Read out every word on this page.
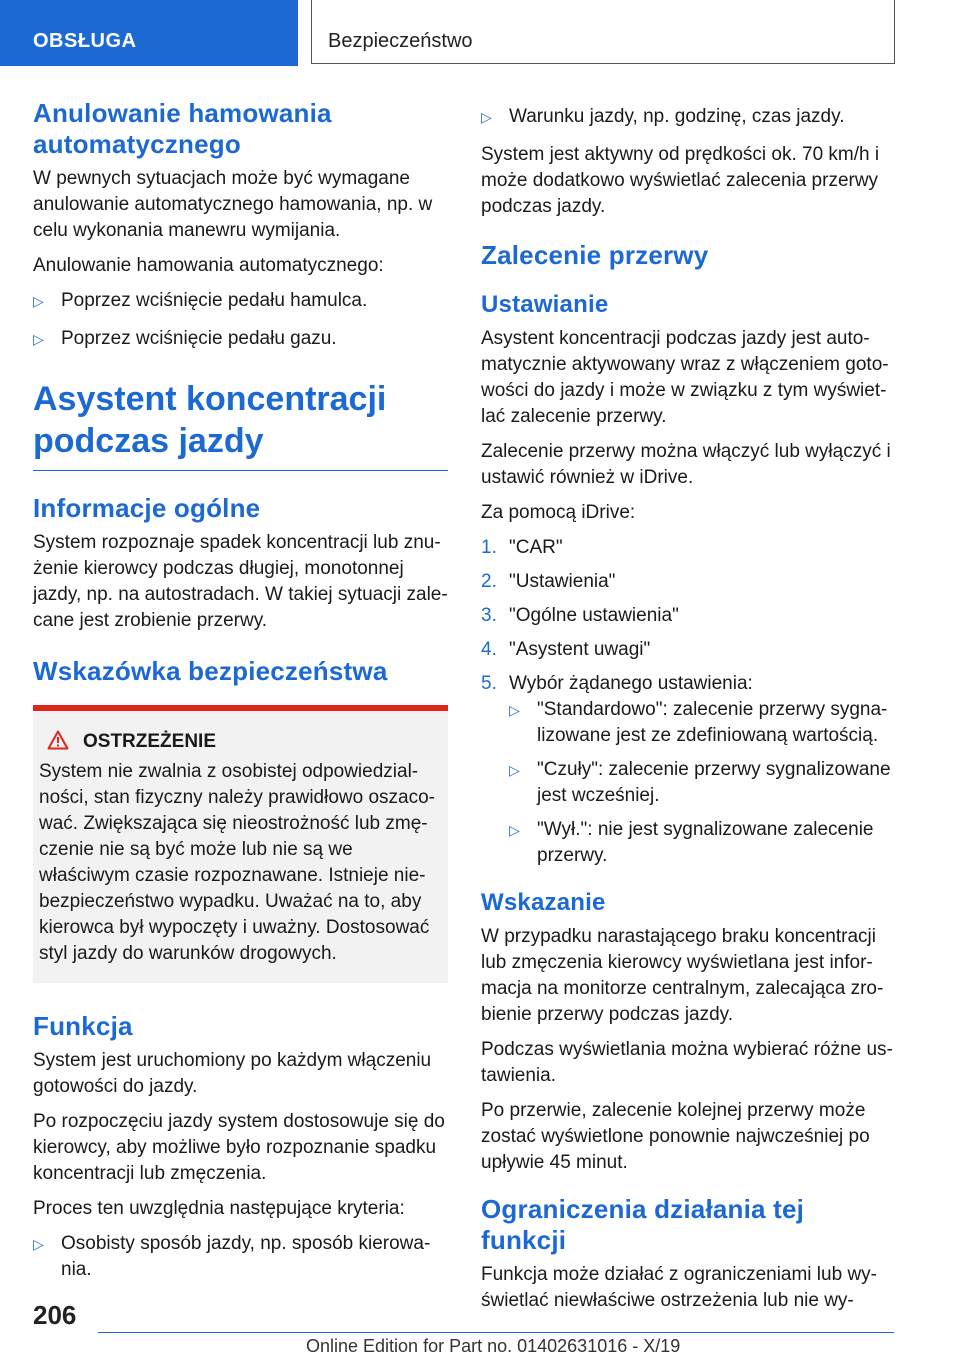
OBSŁUGA	Bezpieczeństwo
Anulowanie hamowania automatycznego

W pewnych sytuacjach może być wymagane anulowanie automatycznego hamowania, np. w celu wykonania manewru wymijania.

Anulowanie hamowania automatycznego:

▷ Poprzez wciśnięcie pedału hamulca.
▷ Poprzez wciśnięcie pedału gazu.
Asystent koncentracji podczas jazdy
Informacje ogólne

System rozpoznaje spadek koncentracji lub znu-żenie kierowcy podczas długiej, monotonnej jazdy, np. na autostradach. W takiej sytuacji zale-cane jest zrobienie przerwy.

Wskazówka bezpieczeństwa
OSTRZEŻENIE

System nie zwalnia z osobistej odpowiedzial-ności, stan fizyczny należy prawidłowo oszaco-wać. Zwiększająca się nieostrożność lub zmę-czenie nie są być może lub nie są we właściwym czasie rozpoznawane. Istnieje nie-bezpieczeństwo wypadku. Uważać na to, aby kierowca był wypoczęty i uważny. Dostosować styl jazdy do warunków drogowych.

Funkcja

System jest uruchomiony po każdym włączeniu gotowości do jazdy.

Po rozpoczęciu jazdy system dostosowuje się do kierowcy, aby możliwe było rozpoznanie spadku koncentracji lub zmęczenia.

Proces ten uwzględnia następujące kryteria:

▷ Osobisty sposób jazdy, np. sposób kierowa-nia.
▷ Warunku jazdy, np. godzinę, czas jazdy.

System jest aktywny od prędkości ok. 70 km/h i może dodatkowo wyświetlać zalecenia przerwy podczas jazdy.

Zalecenie przerwy
Ustawianie

Asystent koncentracji podczas jazdy jest auto-matycznie aktywowany wraz z włączeniem goto-wości do jazdy i może w związku z tym wyświet-lać zalecenie przerwy.

Zalecenie przerwy można włączyć lub wyłączyć i ustawić również w iDrive.

Za pomocą iDrive:

1. "CAR"
2. "Ustawienia"
3. "Ogólne ustawienia"
4. "Asystent uwagi"
5. Wybór żądanego ustawienia:
▷ "Standardowo": zalecenie przerwy sygna-lizowane jest ze zdefiniowaną wartością.
▷ "Czuły": zalecenie przerwy sygnalizowane jest wcześniej.
▷ "Wył.": nie jest sygnalizowane zalecenie przerwy.
Wskazanie

W przypadku narastającego braku koncentracji lub zmęczenia kierowcy wyświetlana jest infor-macja na monitorze centralnym, zalecająca zro-bienie przerwy podczas jazdy.

Podczas wyświetlania można wybierać różne us-tawienia.

Po przerwie, zalecenie kolejnej przerwy może zostać wyświetlone ponownie najwcześniej po upływie 45 minut.

Ograniczenia działania tej funkcji

Funkcja może działać z ograniczeniami lub wy-świetlać niewłaściwe ostrzeżenia lub nie wy-

206
Online Edition for Part no. 01402631016 - X/19
